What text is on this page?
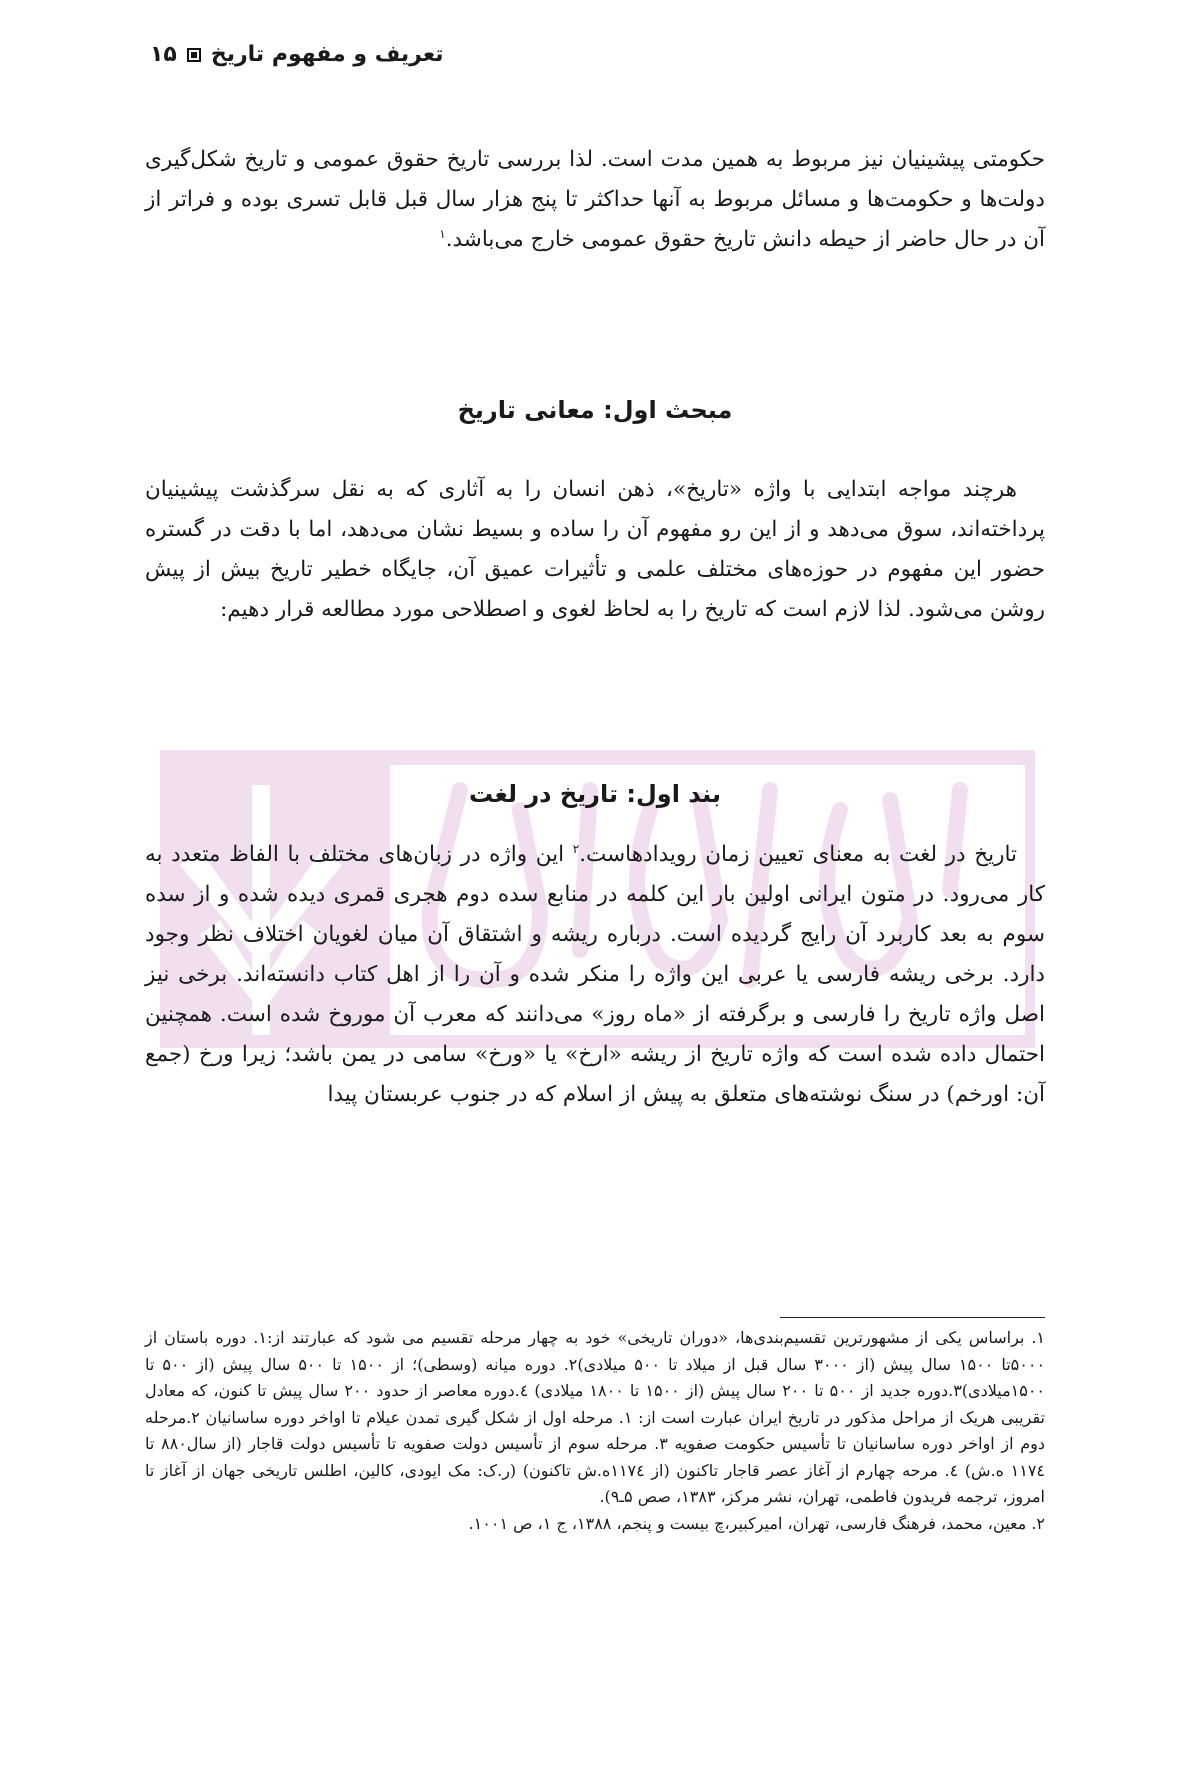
تعریف و مفهوم تاریخ
۱۵

حکومتی پیشینیان نیز مربوط به همین مدت است. لذا بررسی تاریخ حقوق عمومی و تاریخ شکل‌گیری دولت‌ها و حکومت‌ها و مسائل مربوط به آنها حداکثر تا پنج هزار سال قبل قابل تسری بوده و فراتر از آن در حال حاضر از حیطه دانش تاریخ حقوق عمومی خارج می‌باشد.$^۱$

مبحث اول: معانی تاریخ

هرچند مواجه ابتدایی با واژه «تاریخ»، ذهن انسان را به آثاری که به نقل سرگذشت پیشینیان پرداخته‌اند، سوق می‌دهد و از این رو مفهوم آن را ساده و بسیط نشان می‌دهد، اما با دقت در گستره حضور این مفهوم در حوزه‌های مختلف علمی و تأثیرات عمیق آن، جایگاه خطیر تاریخ بیش از پیش روشن می‌شود. لذا لازم است که تاریخ را به لحاظ لغوی و اصطلاحی مورد مطالعه قرار دهیم:

بند اول: تاریخ در لغت

تاریخ در لغت به معنای تعیین زمان رویدادهاست.$^۲$ این واژه در زبان‌های مختلف با الفاظ متعدد به کار می‌رود. در متون ایرانی اولین بار این کلمه در منابع سده دوم هجری قمری دیده شده و از سده سوم به بعد کاربرد آن رایج گردیده است. درباره ریشه و اشتقاق آن میان لغویان اختلاف نظر وجود دارد. برخی ریشه فارسی یا عربی این واژه را منکر شده و آن را از اهل کتاب دانسته‌اند. برخی نیز اصل واژه تاریخ را فارسی و برگرفته از «ماه روز» می‌دانند که معرب آن موروخ شده است. همچنین احتمال داده شده است که واژه تاریخ از ریشه «ارخ» یا «ورخ» سامی در یمن باشد؛ زیرا ورخ (جمع آن: اورخم) در سنگ نوشته‌های متعلق به پیش از اسلام که در جنوب عربستان پیدا

۱. براساس یکی از مشهورترین تقسیم‌بندی‌ها، «دوران تاریخی» خود به چهار مرحله تقسیم می شود که عبارتند از:۱. دوره باستان از ۵۰۰۰تا ۱۵۰۰ سال پیش (از ۳۰۰۰ سال قبل از میلاد تا ۵۰۰ میلادی)۲. دوره میانه (وسطی)؛ از ۱۵۰۰ تا ۵۰۰ سال پیش (از ۵۰۰ تا ۱۵۰۰میلادی)۳.دوره جدید از ۵۰۰ تا ۲۰۰ سال پیش (از ۱۵۰۰ تا ۱۸۰۰ میلادی) ٤.دوره معاصر از حدود ۲۰۰ سال پیش تا کنون، که معادل تقریبی هریک از مراحل مذکور در تاریخ ایران عبارت است از: ۱. مرحله اول از شکل گیری تمدن عیلام تا اواخر دوره ساسانیان ۲.مرحله دوم از اواخر دوره ساسانیان تا تأسیس حکومت صفویه ۳. مرحله سوم از تأسیس دولت صفویه تا تأسیس دولت قاجار (از سال۸۸۰ تا ۱۱۷٤ ه.ش) ٤. مرحه چهارم از آغاز عصر قاجار تاکنون (از ۱۱۷٤ه.ش تاکنون) (ر.ک: مک ایودی، کالین، اطلس تاریخی جهان از آغاز تا امروز، ترجمه فریدون فاطمی، تهران، نشر مرکز، ۱۳۸۳، صص ۵ـ۹).

۲. معین، محمد، فرهنگ فارسی، تهران، امیرکبیر،چ بیست و پنجم، ۱۳۸۸، ج ۱، ص ۱۰۰۱.
